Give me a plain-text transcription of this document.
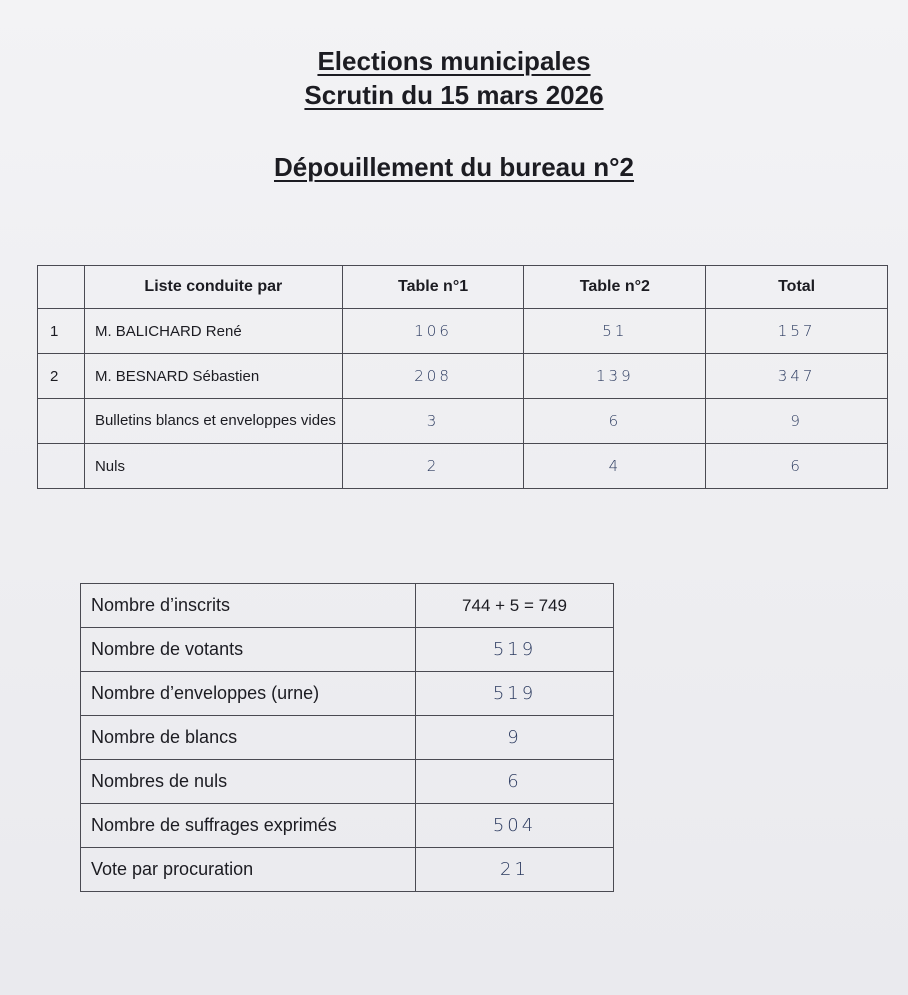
Elections municipales
Scrutin du 15 mars 2026
Dépouillement du bureau n°2
	Liste conduite par	Table n°1	Table n°2	Total
1	M. BALICHARD René	106	51	157
2	M. BESNARD Sébastien	208	139	347
	Bulletins blancs et enveloppes vides	3	6	9
	Nuls	2	4	6
Nombre d’inscrits	744 + 5 = 749
Nombre de votants	519
Nombre d’enveloppes (urne)	519
Nombre de blancs	9
Nombres de nuls	6
Nombre de suffrages exprimés	504
Vote par procuration	21
